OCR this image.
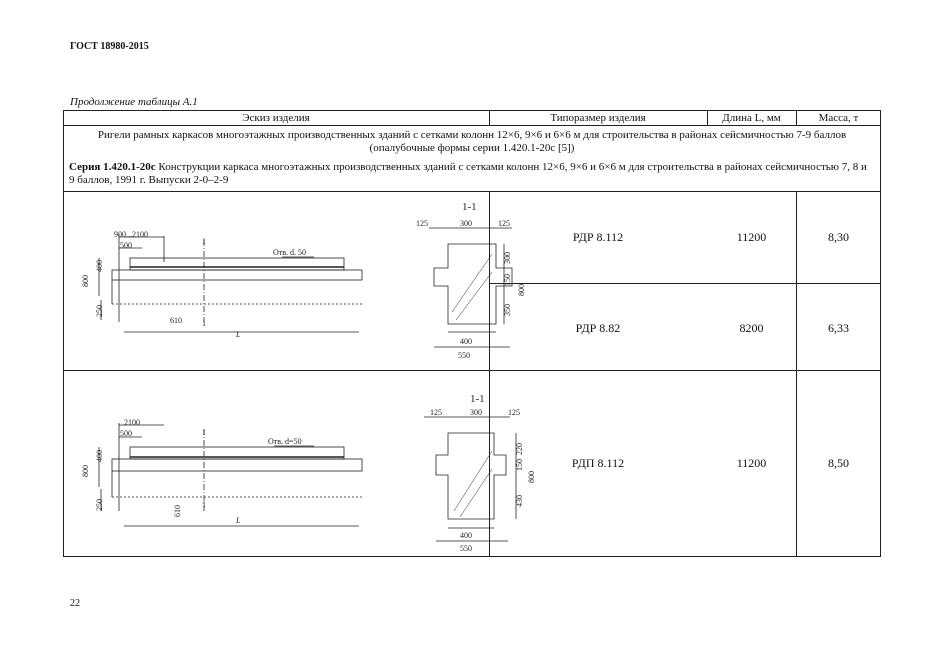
ГОСТ 18980-2015
Продолжение таблицы А.1
Эскиз изделия	Типоразмер изделия	Длина L, мм	Масса, т
Ригели рамных каркасов многоэтажных производственных зданий с сетками колонн 12×6, 9×6 и 6×6 м для строительства в районах сейсмичностью 7-9 баллов (опалубочные формы серии 1.420.1-20с [5])
Серия 1.420.1-20с Конструкции каркаса многоэтажных производственных зданий с сетками колонн 12×6, 9×6 и 6×6 м для строительства в районах сейсмичностью 7, 8 и 9 баллов, 1991 г. Выпуски 2-0–2-9
РДР 8.112	11200	8,30
РДР 8.82	8200	6,33
РДП 8.112	11200	8,50
900...2100
500	1
1
Отв. d. 50
400
800
250
610
L
1-1
125	300	125
300
150
800
350
400
550
2100
500	1
1
Отв. d=50
400
800
250	610
L
1-1
125	300	125
220
150
800
430
400
550
22
